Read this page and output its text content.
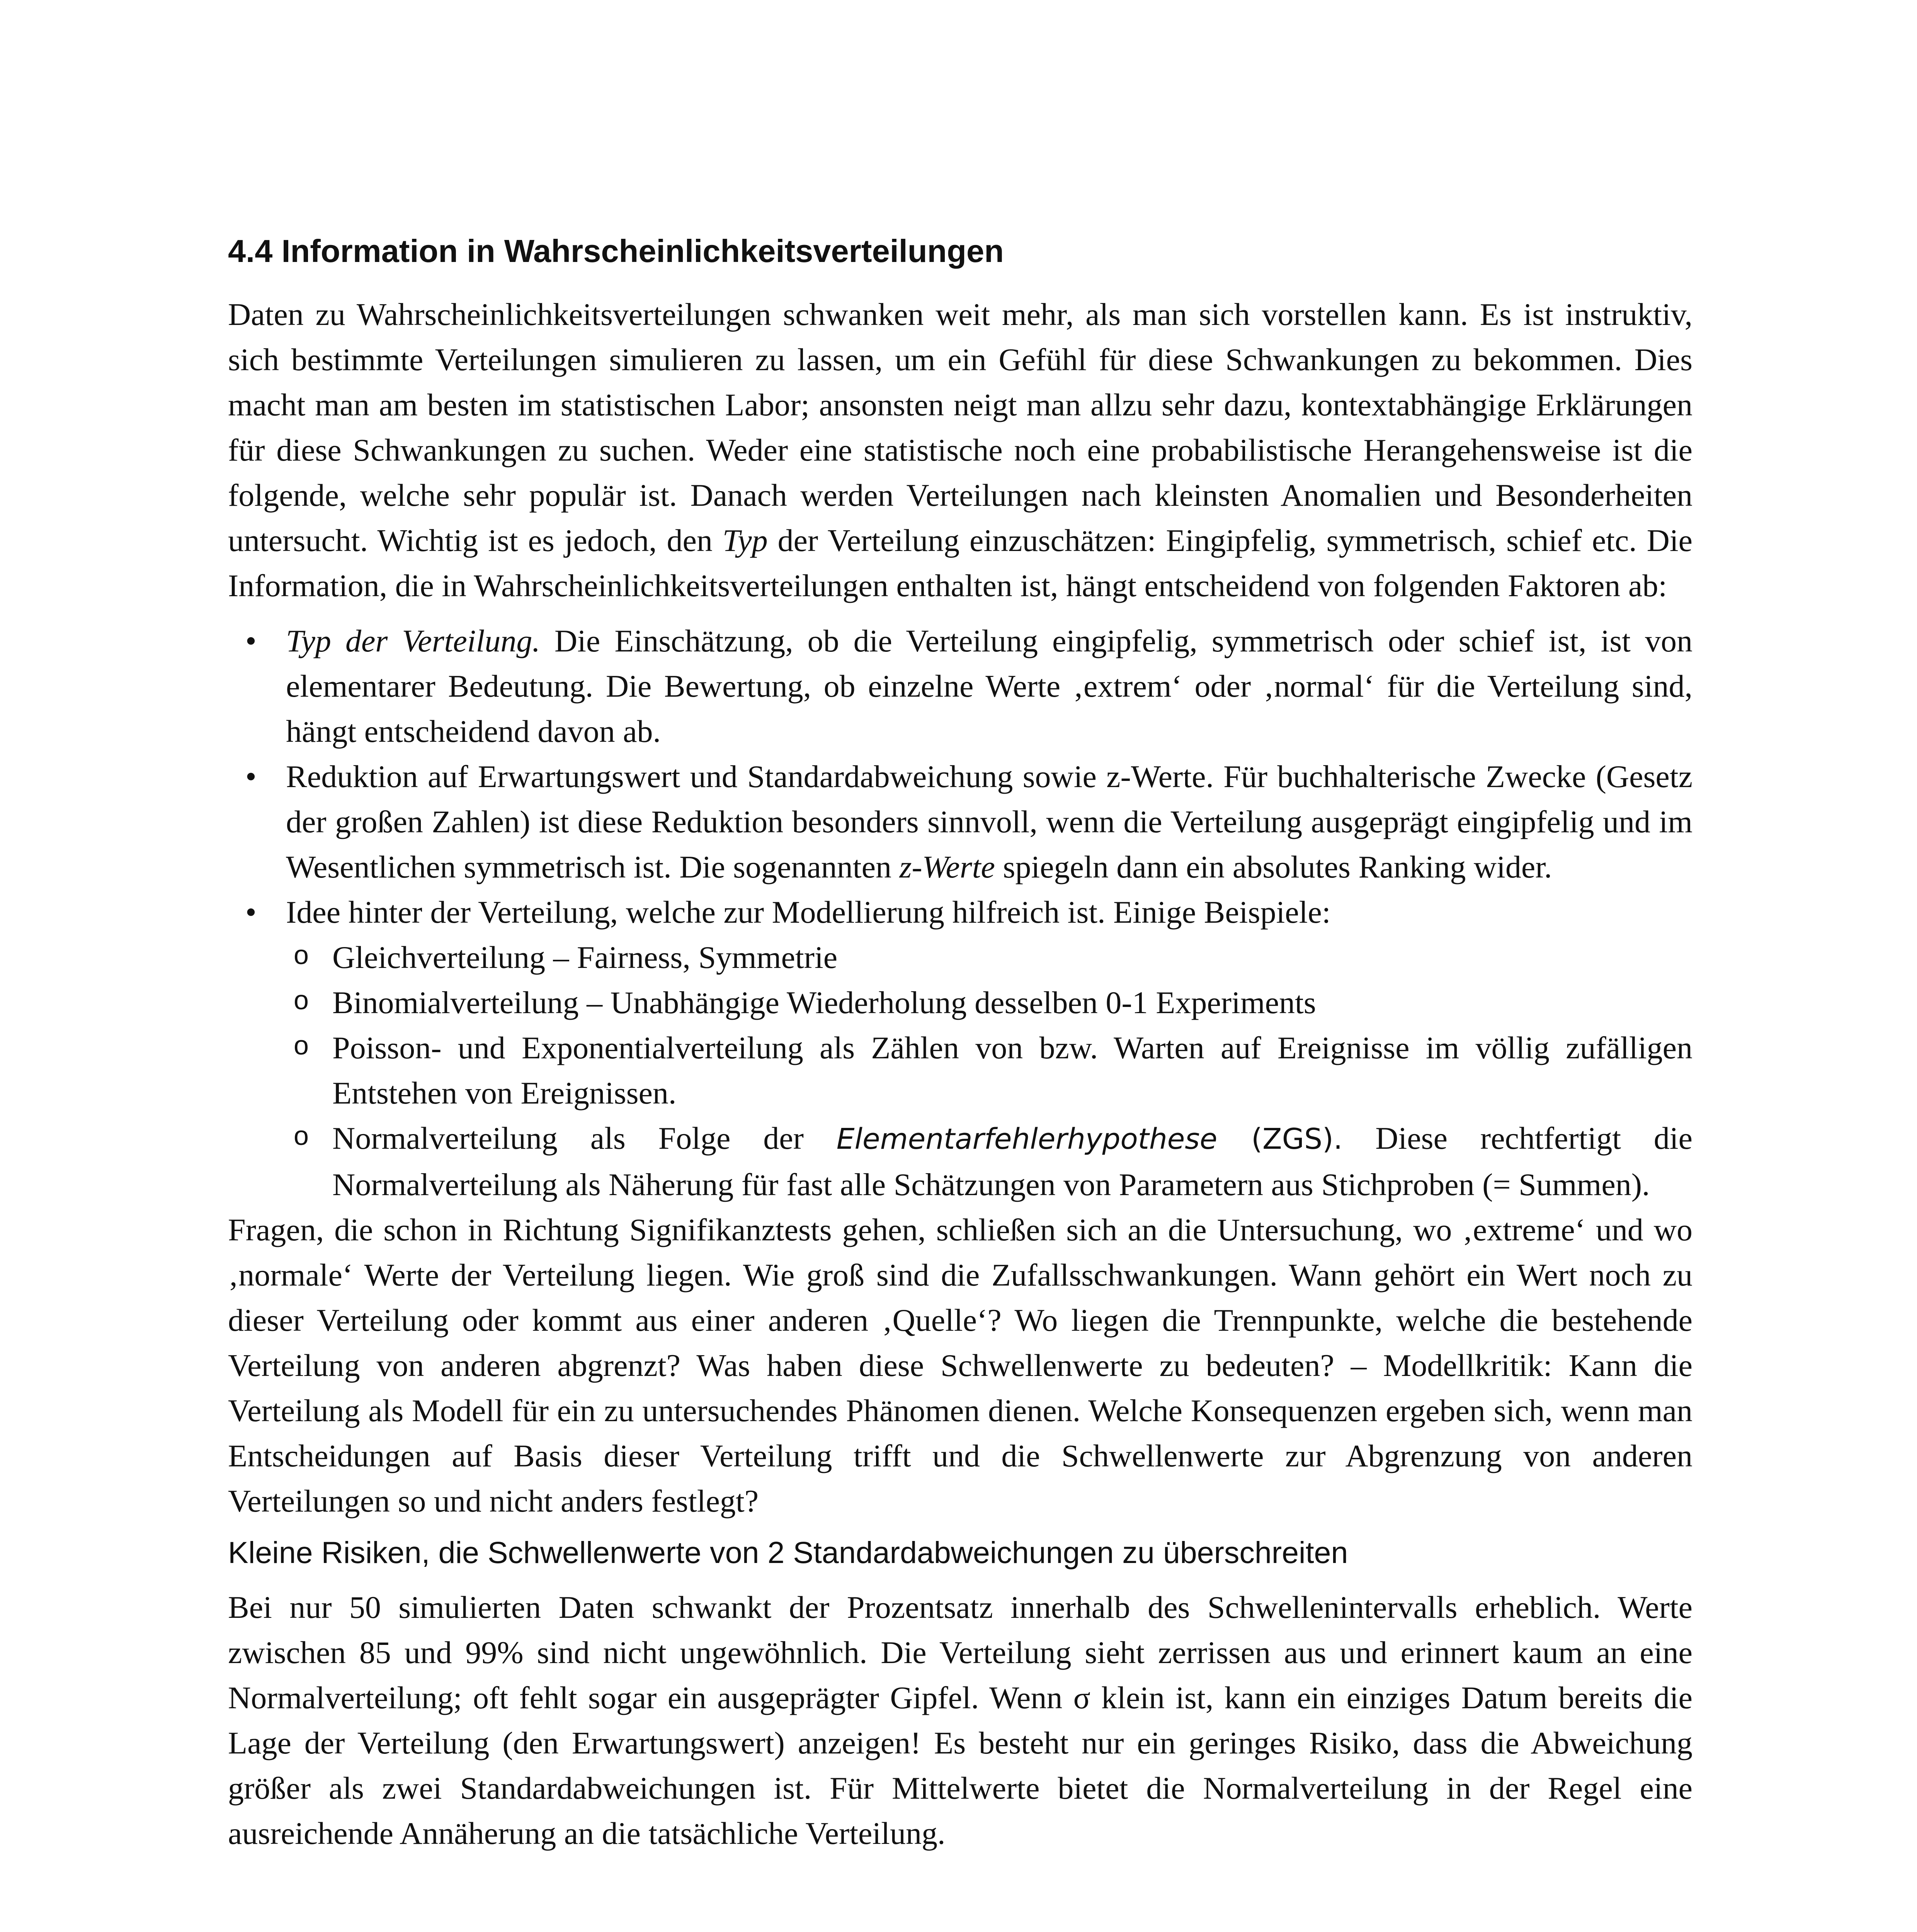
4.4 Information in Wahrscheinlichkeitsverteilungen

Daten zu Wahrscheinlichkeitsverteilungen schwanken weit mehr, als man sich vorstellen kann. Es ist instruktiv, sich bestimmte Verteilungen simulieren zu lassen, um ein Gefühl für diese Schwankungen zu bekommen. Dies macht man am besten im statistischen Labor; ansonsten neigt man allzu sehr dazu, kontextabhängige Erklärungen für diese Schwankungen zu suchen. Weder eine statistische noch eine probabilistische Herangehensweise ist die folgende, welche sehr populär ist. Danach werden Verteilungen nach kleinsten Anomalien und Besonderheiten untersucht. Wichtig ist es jedoch, den Typ der Verteilung einzuschätzen: Eingipfelig, symmetrisch, schief etc. Die Information, die in Wahrscheinlichkeitsverteilungen enthalten ist, hängt entscheidend von folgenden Faktoren ab:

• Typ der Verteilung. Die Einschätzung, ob die Verteilung eingipfelig, symmetrisch oder schief ist, ist von elementarer Bedeutung. Die Bewertung, ob einzelne Werte ‚extrem‘ oder ‚normal‘ für die Verteilung sind, hängt entscheidend davon ab.
• Reduktion auf Erwartungswert und Standardabweichung sowie z-Werte. Für buchhalterische Zwecke (Gesetz der großen Zahlen) ist diese Reduktion besonders sinnvoll, wenn die Verteilung ausgeprägt eingipfelig und im Wesentlichen symmetrisch ist. Die sogenannten z-Werte spiegeln dann ein absolutes Ranking wider.
• Idee hinter der Verteilung, welche zur Modellierung hilfreich ist. Einige Beispiele:
o Gleichverteilung – Fairness, Symmetrie
o Binomialverteilung – Unabhängige Wiederholung desselben 0-1 Experiments
o Poisson- und Exponentialverteilung als Zählen von bzw. Warten auf Ereignisse im völlig zufälligen Entstehen von Ereignissen.
o Normalverteilung als Folge der Elementarfehlerhypothese (ZGS). Diese rechtfertigt die Normalverteilung als Näherung für fast alle Schätzungen von Parametern aus Stichproben (= Summen).

Fragen, die schon in Richtung Signifikanztests gehen, schließen sich an die Untersuchung, wo ‚extreme‘ und wo ‚normale‘ Werte der Verteilung liegen. Wie groß sind die Zufallsschwankungen. Wann gehört ein Wert noch zu dieser Verteilung oder kommt aus einer anderen ‚Quelle‘? Wo liegen die Trennpunkte, welche die bestehende Verteilung von anderen abgrenzt? Was haben diese Schwellenwerte zu bedeuten? – Modellkritik: Kann die Verteilung als Modell für ein zu untersuchendes Phänomen dienen. Welche Konsequenzen ergeben sich, wenn man Entscheidungen auf Basis dieser Verteilung trifft und die Schwellenwerte zur Abgrenzung von anderen Verteilungen so und nicht anders festlegt?

Kleine Risiken, die Schwellenwerte von 2 Standardabweichungen zu überschreiten

Bei nur 50 simulierten Daten schwankt der Prozentsatz innerhalb des Schwellenintervalls erheblich. Werte zwischen 85 und 99% sind nicht ungewöhnlich. Die Verteilung sieht zerrissen aus und erinnert kaum an eine Normalverteilung; oft fehlt sogar ein ausgeprägter Gipfel. Wenn σ klein ist, kann ein einziges Datum bereits die Lage der Verteilung (den Erwartungswert) anzeigen! Es besteht nur ein geringes Risiko, dass die Abweichung größer als zwei Standardabweichungen ist. Für Mittelwerte bietet die Normalverteilung in der Regel eine ausreichende Annäherung an die tatsächliche Verteilung.
